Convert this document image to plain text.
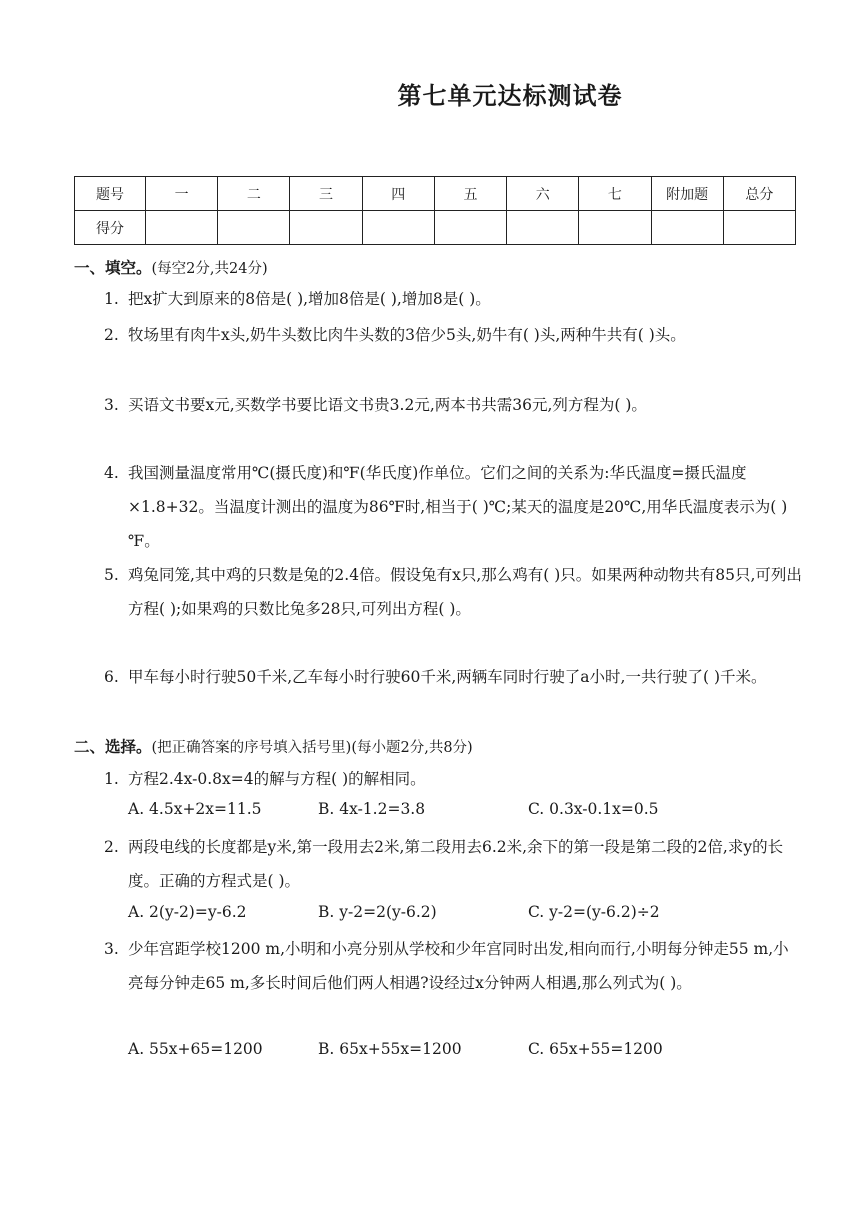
第七单元达标测试卷
题号	一	二	三	四	五	六	七	附加题	总分
得分									
一、填空。(每空2分,共24分)
1. 把x扩大到原来的8倍是( ),增加8倍是( ),增加8是( )。
2. 牧场里有肉牛x头,奶牛头数比肉牛头数的3倍少5头,奶牛有( )头,两种牛共有( )头。
3. 买语文书要x元,买数学书要比语文书贵3.2元,两本书共需36元,列方程为( )。
4. 我国测量温度常用℃(摄氏度)和℉(华氏度)作单位。它们之间的关系为:华氏温度=摄氏温度×1.8+32。当温度计测出的温度为86℉时,相当于( )℃;某天的温度是20℃,用华氏温度表示为( )℉。
5. 鸡兔同笼,其中鸡的只数是兔的2.4倍。假设兔有x只,那么鸡有( )只。如果两种动物共有85只,可列出方程( );如果鸡的只数比兔多28只,可列出方程( )。
6. 甲车每小时行驶50千米,乙车每小时行驶60千米,两辆车同时行驶了a小时,一共行驶了( )千米。
二、选择。(把正确答案的序号填入括号里)(每小题2分,共8分)
1. 方程2.4x-0.8x=4的解与方程( )的解相同。
A. 4.5x+2x=11.5	B. 4x-1.2=3.8	C. 0.3x-0.1x=0.5
2. 两段电线的长度都是y米,第一段用去2米,第二段用去6.2米,余下的第一段是第二段的2倍,求y的长度。正确的方程式是( )。
A. 2(y-2)=y-6.2	B. y-2=2(y-6.2)	C. y-2=(y-6.2)÷2
3. 少年宫距学校1200 m,小明和小亮分别从学校和少年宫同时出发,相向而行,小明每分钟走55 m,小亮每分钟走65 m,多长时间后他们两人相遇?设经过x分钟两人相遇,那么列式为( )。
A. 55x+65=1200	B. 65x+55x=1200	C. 65x+55=1200
